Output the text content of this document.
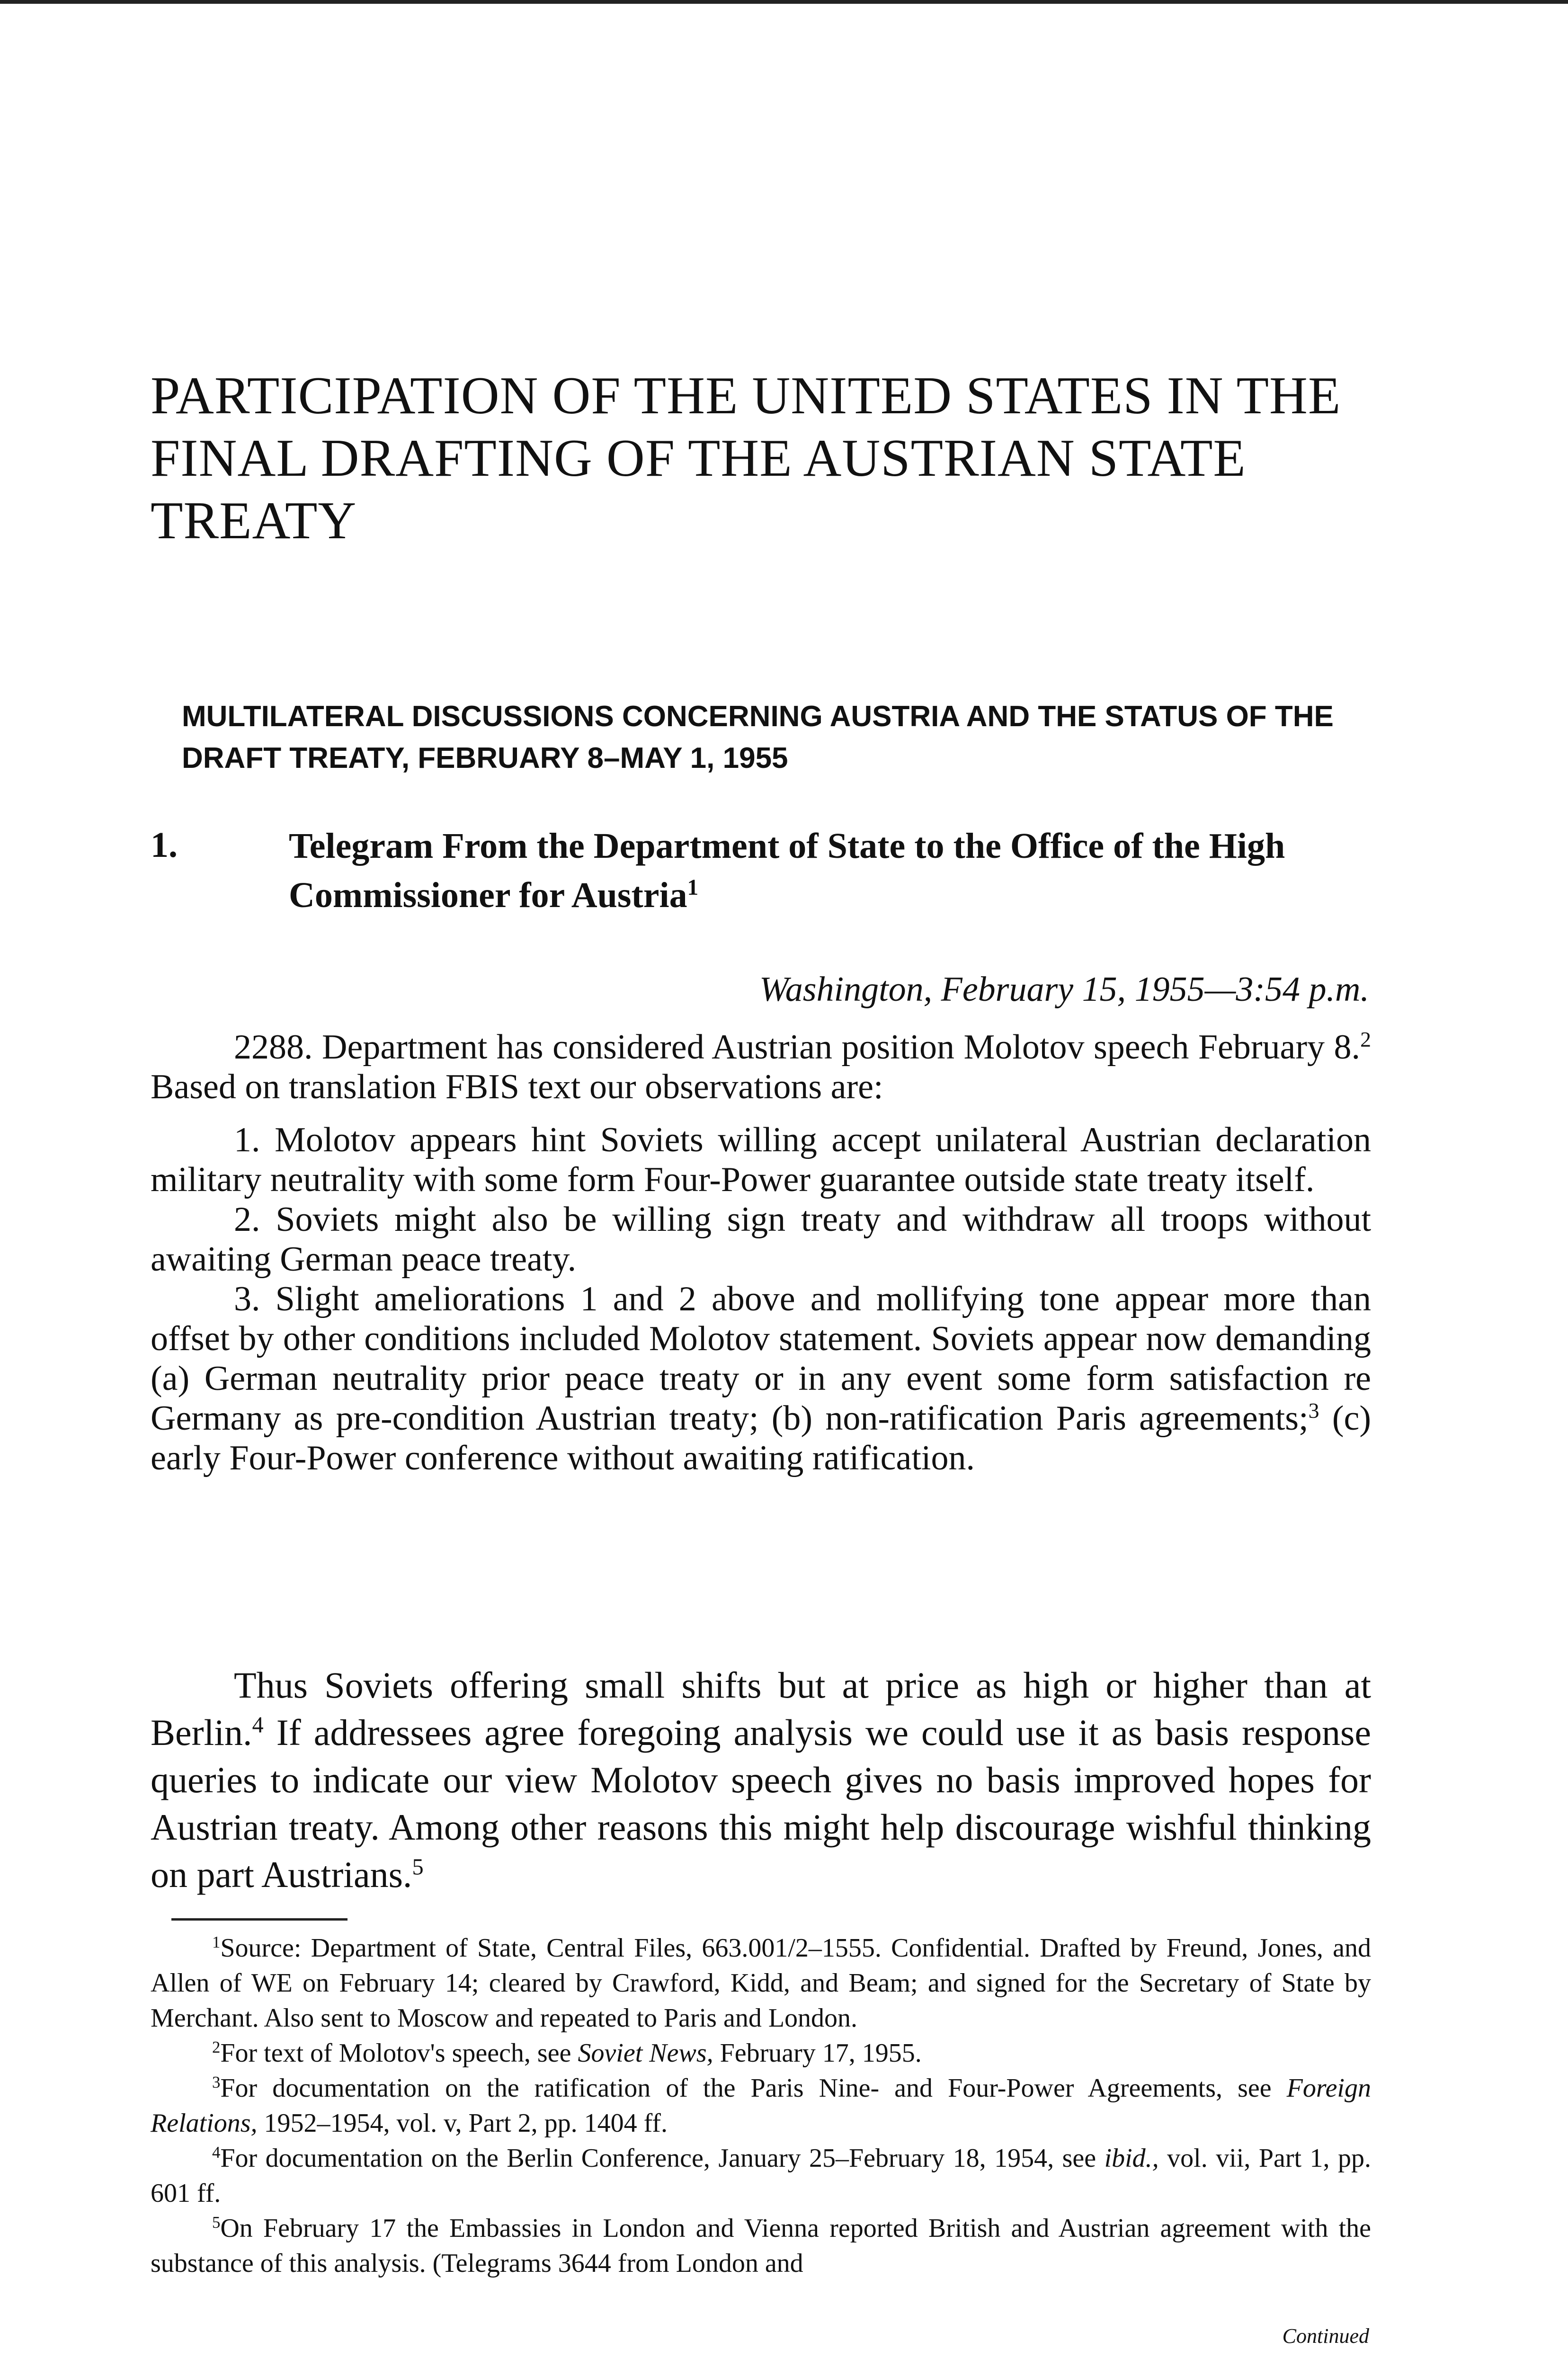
PARTICIPATION OF THE UNITED STATES IN THE FINAL DRAFTING OF THE AUSTRIAN STATE TREATY
MULTILATERAL DISCUSSIONS CONCERNING AUSTRIA AND THE STATUS OF THE DRAFT TREATY, FEBRUARY 8–MAY 1, 1955
1.	Telegram From the Department of State to the Office of the High Commissioner for Austria$^1$
Washington, February 15, 1955—3:54 p.m.

2288. Department has considered Austrian position Molotov speech February 8.$^2$ Based on translation FBIS text our observations are:

1. Molotov appears hint Soviets willing accept unilateral Austrian declaration military neutrality with some form Four-Power guarantee outside state treaty itself.

2. Soviets might also be willing sign treaty and withdraw all troops without awaiting German peace treaty.

3. Slight ameliorations 1 and 2 above and mollifying tone appear more than offset by other conditions included Molotov statement. Soviets appear now demanding (a) German neutrality prior peace treaty or in any event some form satisfaction re Germany as pre-condition Austrian treaty; (b) non-ratification Paris agreements;$^3$ (c) early Four-Power conference without awaiting ratification.

Thus Soviets offering small shifts but at price as high or higher than at Berlin.$^4$ If addressees agree foregoing analysis we could use it as basis response queries to indicate our view Molotov speech gives no basis improved hopes for Austrian treaty. Among other reasons this might help discourage wishful thinking on part Austrians.$^5$

$^1$Source: Department of State, Central Files, 663.001/2–1555. Confidential. Drafted by Freund, Jones, and Allen of WE on February 14; cleared by Crawford, Kidd, and Beam; and signed for the Secretary of State by Merchant. Also sent to Moscow and repeated to Paris and London.

$^2$For text of Molotov's speech, see Soviet News, February 17, 1955.

$^3$For documentation on the ratification of the Paris Nine- and Four-Power Agreements, see Foreign Relations, 1952–1954, vol. v, Part 2, pp. 1404 ff.

$^4$For documentation on the Berlin Conference, January 25–February 18, 1954, see ibid., vol. vii, Part 1, pp. 601 ff.

$^5$On February 17 the Embassies in London and Vienna reported British and Austrian agreement with the substance of this analysis. (Telegrams 3644 from London and

Continued
